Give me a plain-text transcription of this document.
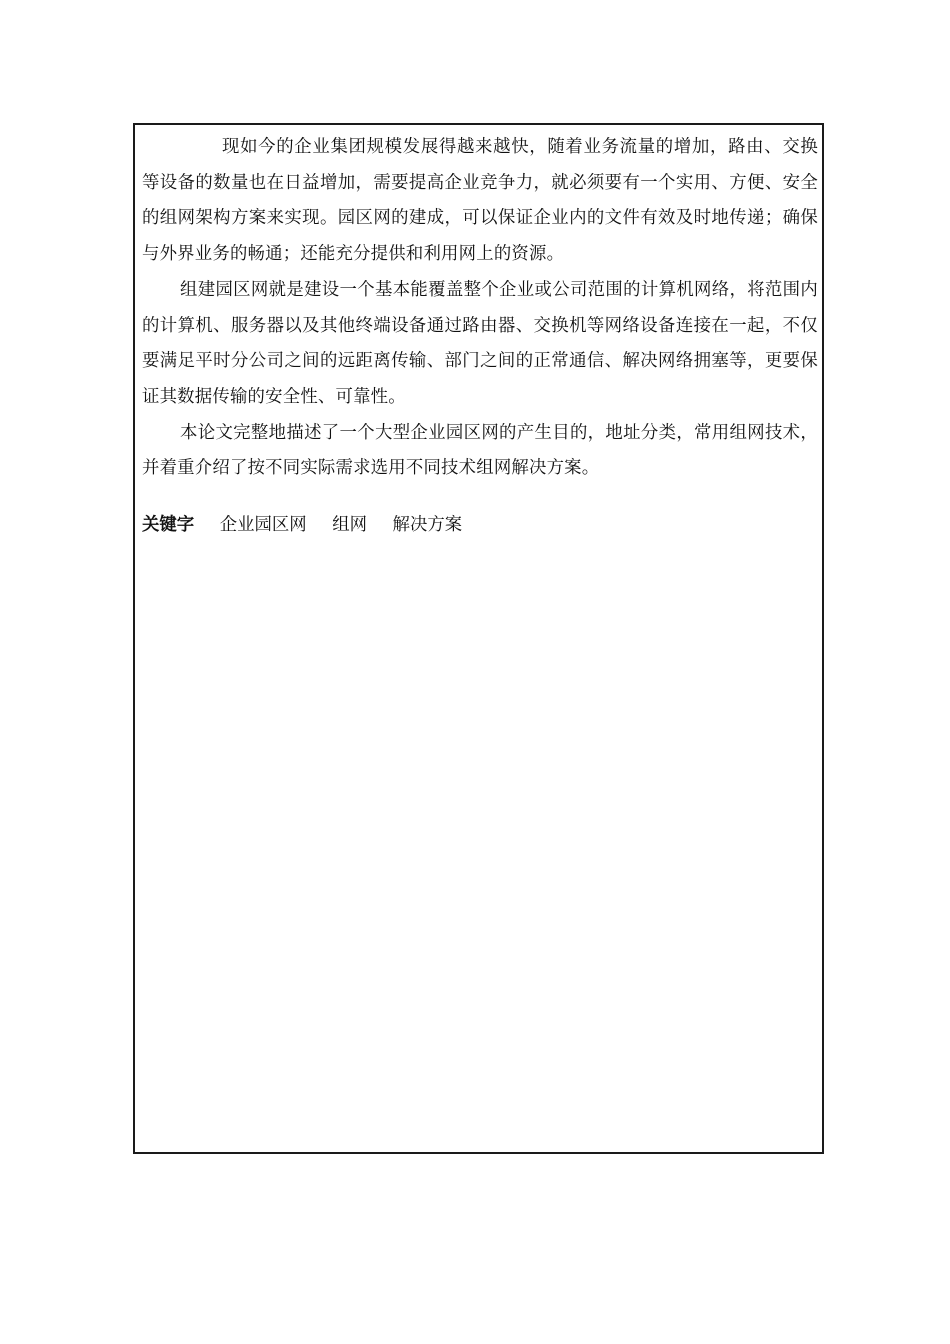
现如今的企业集团规模发展得越来越快，随着业务流量的增加，路由、交换等设备的数量也在日益增加，需要提高企业竞争力，就必须要有一个实用、方便、安全的组网架构方案来实现。园区网的建成，可以保证企业内的文件有效及时地传递；确保与外界业务的畅通；还能充分提供和利用网上的资源。

组建园区网就是建设一个基本能覆盖整个企业或公司范围的计算机网络，将范围内的计算机、服务器以及其他终端设备通过路由器、交换机等网络设备连接在一起，不仅要满足平时分公司之间的远距离传输、部门之间的正常通信、解决网络拥塞等，更要保证其数据传输的安全性、可靠性。

本论文完整地描述了一个大型企业园区网的产生目的，地址分类，常用组网技术，并着重介绍了按不同实际需求选用不同技术组网解决方案。

关键字 企业园区网 组网 解决方案
